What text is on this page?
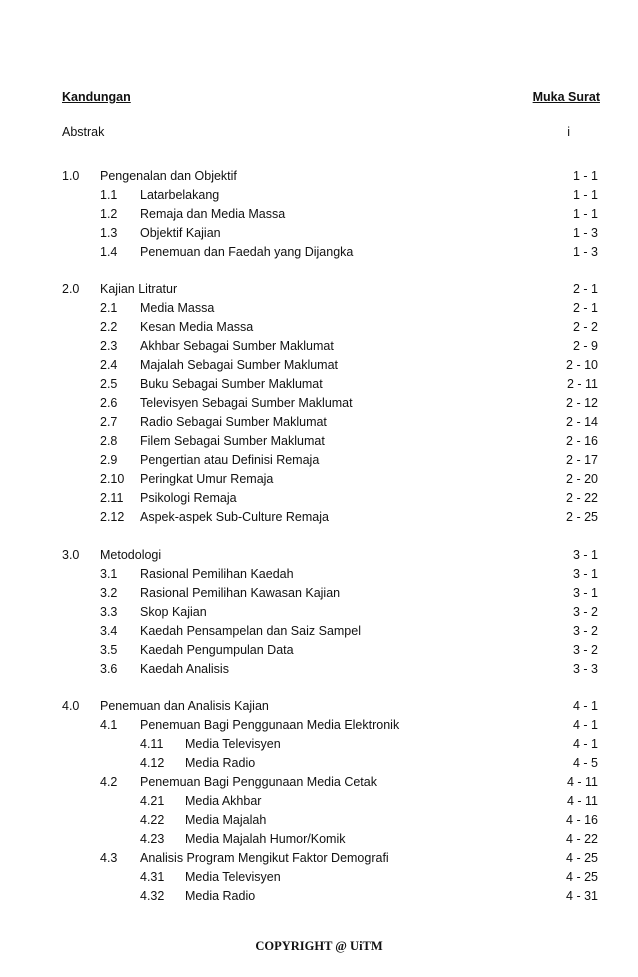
Kandungan	Muka Surat
Abstrak	i
1.0 Pengenalan dan Objektif	1 - 1
1.1 Latarbelakang	1 - 1
1.2 Remaja dan Media Massa	1 - 1
1.3 Objektif Kajian	1 - 3
1.4 Penemuan dan Faedah yang Dijangka	1 - 3
2.0 Kajian Litratur	2 - 1
2.1 Media Massa	2 - 1
2.2 Kesan Media Massa	2 - 2
2.3 Akhbar Sebagai Sumber Maklumat	2 - 9
2.4 Majalah Sebagai Sumber Maklumat	2 - 10
2.5 Buku Sebagai Sumber Maklumat	2 - 11
2.6 Televisyen Sebagai Sumber Maklumat	2 - 12
2.7 Radio Sebagai Sumber Maklumat	2 - 14
2.8 Filem Sebagai Sumber Maklumat	2 - 16
2.9 Pengertian atau Definisi Remaja	2 - 17
2.10 Peringkat Umur Remaja	2 - 20
2.11 Psikologi Remaja	2 - 22
2.12 Aspek-aspek Sub-Culture Remaja	2 - 25
3.0 Metodologi	3 - 1
3.1 Rasional Pemilihan Kaedah	3 - 1
3.2 Rasional Pemilihan Kawasan Kajian	3 - 1
3.3 Skop Kajian	3 - 2
3.4 Kaedah Pensampelan dan Saiz Sampel	3 - 2
3.5 Kaedah Pengumpulan Data	3 - 2
3.6 Kaedah Analisis	3 - 3
4.0 Penemuan dan Analisis Kajian	4 - 1
4.1 Penemuan Bagi Penggunaan Media Elektronik	4 - 1
4.11 Media Televisyen	4 - 1
4.12 Media Radio	4 - 5
4.2 Penemuan Bagi Penggunaan Media Cetak	4 - 11
4.21 Media Akhbar	4 - 11
4.22 Media Majalah	4 - 16
4.23 Media Majalah Humor/Komik	4 - 22
4.3 Analisis Program Mengikut Faktor Demografi	4 - 25
4.31 Media Televisyen	4 - 25
4.32 Media Radio	4 - 31
COPYRIGHT @ UiTM
